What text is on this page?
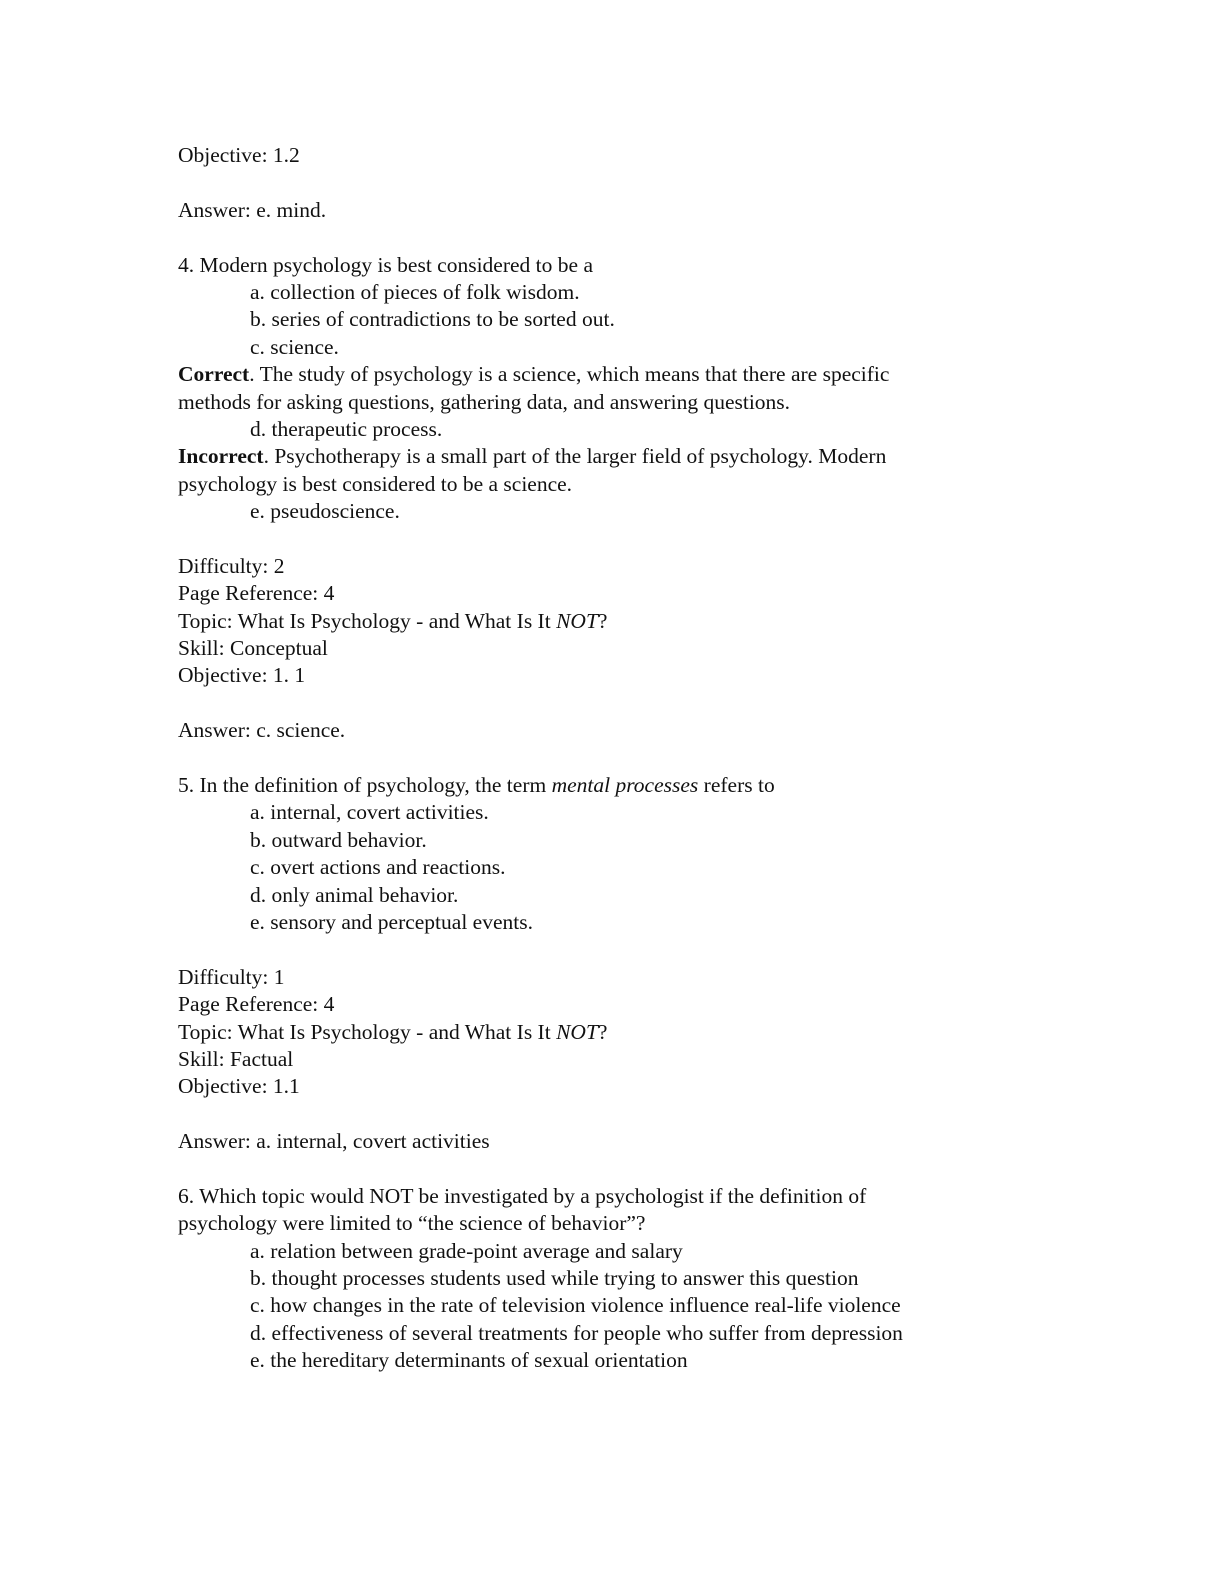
Objective: 1.2
Answer: e. mind.
4. Modern psychology is best considered to be a
a. collection of pieces of folk wisdom.
b. series of contradictions to be sorted out.
c. science.
Correct. The study of psychology is a science, which means that there are specific
methods for asking questions, gathering data, and answering questions.
d. therapeutic process.
Incorrect. Psychotherapy is a small part of the larger field of psychology. Modern
psychology is best considered to be a science.
e. pseudoscience.
Difficulty: 2
Page Reference: 4
Topic: What Is Psychology - and What Is It NOT?
Skill: Conceptual
Objective: 1. 1
Answer: c. science.
5. In the definition of psychology, the term mental processes refers to
a. internal, covert activities.
b. outward behavior.
c. overt actions and reactions.
d. only animal behavior.
e. sensory and perceptual events.
Difficulty: 1
Page Reference: 4
Topic: What Is Psychology - and What Is It NOT?
Skill: Factual
Objective: 1.1
Answer: a. internal, covert activities
6. Which topic would NOT be investigated by a psychologist if the definition of
psychology were limited to “the science of behavior”?
a. relation between grade-point average and salary
b. thought processes students used while trying to answer this question
c. how changes in the rate of television violence influence real-life violence
d. effectiveness of several treatments for people who suffer from depression
e. the hereditary determinants of sexual orientation
